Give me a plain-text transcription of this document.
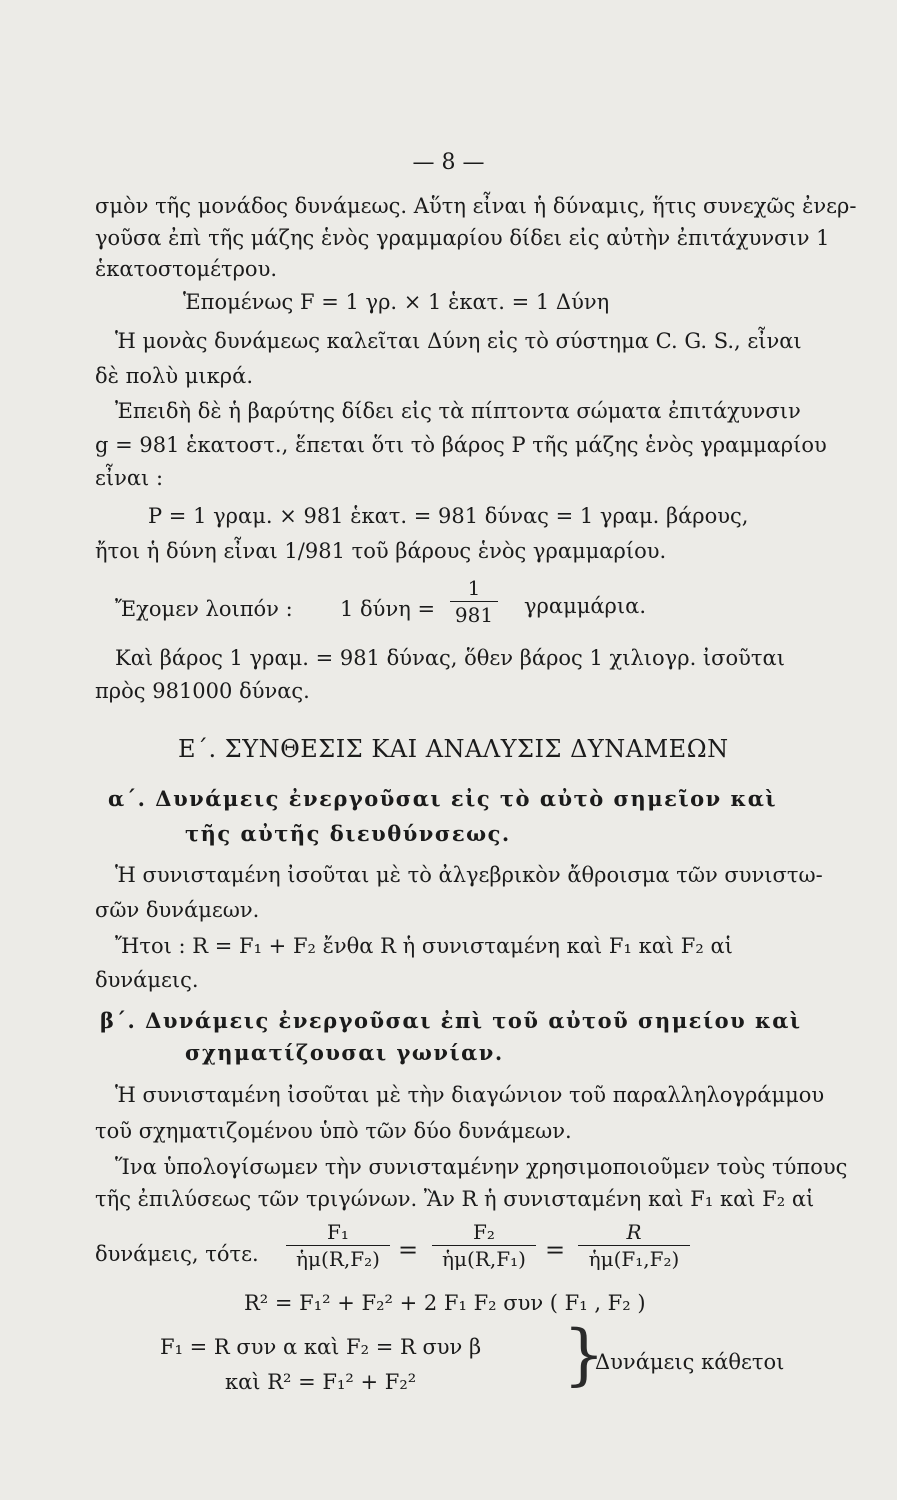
— 8 —
σμὸν τῆς μονάδος δυνάμεως. Αὕτη εἶναι ἡ δύναμις, ἥτις συνεχῶς ἐνερ-
γοῦσα ἐπὶ τῆς μάζης ἑνὸς γραμμαρίου δίδει εἰς αὐτὴν ἐπιτάχυνσιν 1
ἑκατοστομέτρου.
Ἑπομένως F = 1 γρ. × 1 ἑκατ. = 1 Δύνη
Ἡ μονὰς δυνάμεως καλεῖται Δύνη εἰς τὸ σύστημα C. G. S., εἶναι
δὲ πολὺ μικρά.
Ἐπειδὴ δὲ ἡ βαρύτης δίδει εἰς τὰ πίπτοντα σώματα ἐπιτάχυνσιν
g = 981 ἑκατοστ., ἕπεται ὅτι τὸ βάρος P τῆς μάζης ἑνὸς γραμμαρίου
εἶναι :
P = 1 γραμ. × 981 ἑκατ. = 981 δύνας = 1 γραμ. βάρους,
ἤτοι ἡ δύνη εἶναι 1/981 τοῦ βάρους ἑνὸς γραμμαρίου.
Ἔχομεν λοιπόν : 1 δύνη =
1
981 γραμμάρια.
Καὶ βάρος 1 γραμ. = 981 δύνας, ὅθεν βάρος 1 χιλιογρ. ἰσοῦται
πρὸς 981000 δύνας.
Ε΄. ΣΥΝΘΕΣΙΣ ΚΑΙ ΑΝΑΛΥΣΙΣ ΔΥΝΑΜΕΩΝ
α΄. Δυνάμεις ἐνεργοῦσαι εἰς τὸ αὐτὸ σημεῖον καὶ
τῆς αὐτῆς διευθύνσεως.
Ἡ συνισταμένη ἰσοῦται μὲ τὸ ἀλγεβρικὸν ἄθροισμα τῶν συνιστω-
σῶν δυνάμεων.
Ἤτοι : R = F₁ + F₂ ἔνθα R ἡ συνισταμένη καὶ F₁ καὶ F₂ αἱ
δυνάμεις.
β΄. Δυνάμεις ἐνεργοῦσαι ἐπὶ τοῦ αὐτοῦ σημείου καὶ
σχηματίζουσαι γωνίαν.
Ἡ συνισταμένη ἰσοῦται μὲ τὴν διαγώνιον τοῦ παραλληλογράμμου
τοῦ σχηματιζομένου ὑπὸ τῶν δύο δυνάμεων.
Ἵνα ὑπολογίσωμεν τὴν συνισταμένην χρησιμοποιοῦμεν τοὺς τύπους
τῆς ἐπιλύσεως τῶν τριγώνων. Ἂν R ἡ συνισταμένη καὶ F₁ καὶ F₂ αἱ
δυνάμεις, τότε.
F₁
ἡμ(R,F₂) =
F₂
ἡμ(R,F₁) =
R
ἡμ(F₁,F₂)
R² = F₁² + F₂² + 2 F₁ F₂ συν ( F₁ , F₂ )
F₁ = R συν α καὶ F₂ = R συν β
καὶ R² = F₁² + F₂² }
Δυνάμεις κάθετοι
